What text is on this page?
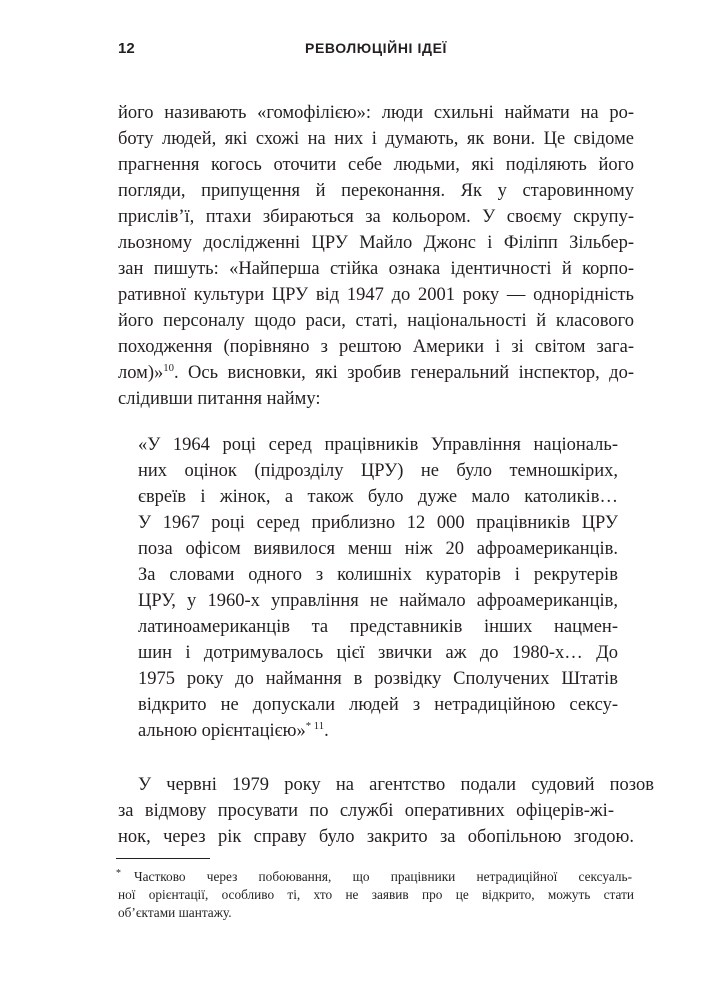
12	РЕВОЛЮЦІЙНІ ІДЕЇ
його називають «гомофілією»: люди схильні наймати на ро-
боту людей, які схожі на них і думають, як вони. Це свідоме
прагнення когось оточити себе людьми, які поділяють його
погляди, припущення й переконання. Як у старовинному
прислів’ї, птахи збираються за кольором. У своєму скрупу-
льозному дослідженні ЦРУ Майло Джонс і Філіпп Зільбер-
зан пишуть: «Найперша стійка ознака ідентичності й корпо-
ративної культури ЦРУ від 1947 до 2001 року — однорідність
його персоналу щодо раси, статі, національності й класового
походження (порівняно з рештою Америки і зі світом зага-
лом)»$^{10}$. Ось висновки, які зробив генеральний інспектор, до-
слідивши питання найму:
«У 1964 році серед працівників Управління національ-
них оцінок (підрозділу ЦРУ) не було темношкірих,
євреїв і жінок, а також було дуже мало католиків…
У 1967 році серед приблизно 12 000 працівників ЦРУ
поза офісом виявилося менш ніж 20 афроамериканців.
За словами одного з колишніх кураторів і рекрутерів
ЦРУ, у 1960-х управління не наймало афроамериканців,
латиноамериканців та представників інших нацмен-
шин і дотримувалось цієї звички аж до 1980-х… До
1975 року до наймання в розвідку Сполучених Штатів
відкрито не допускали людей з нетрадиційною сексу-
альною орієнтацією»$^{* 11}$.
У червні 1979 року на агентство подали судовий позов
за відмову просувати по службі оперативних офіцерів-жі-
нок, через рік справу було закрито за обопільною згодою.
* Частково через побоювання, що працівники нетрадиційної сексуаль-
ної орієнтації, особливо ті, хто не заявив про це відкрито, можуть стати
об’єктами шантажу.
